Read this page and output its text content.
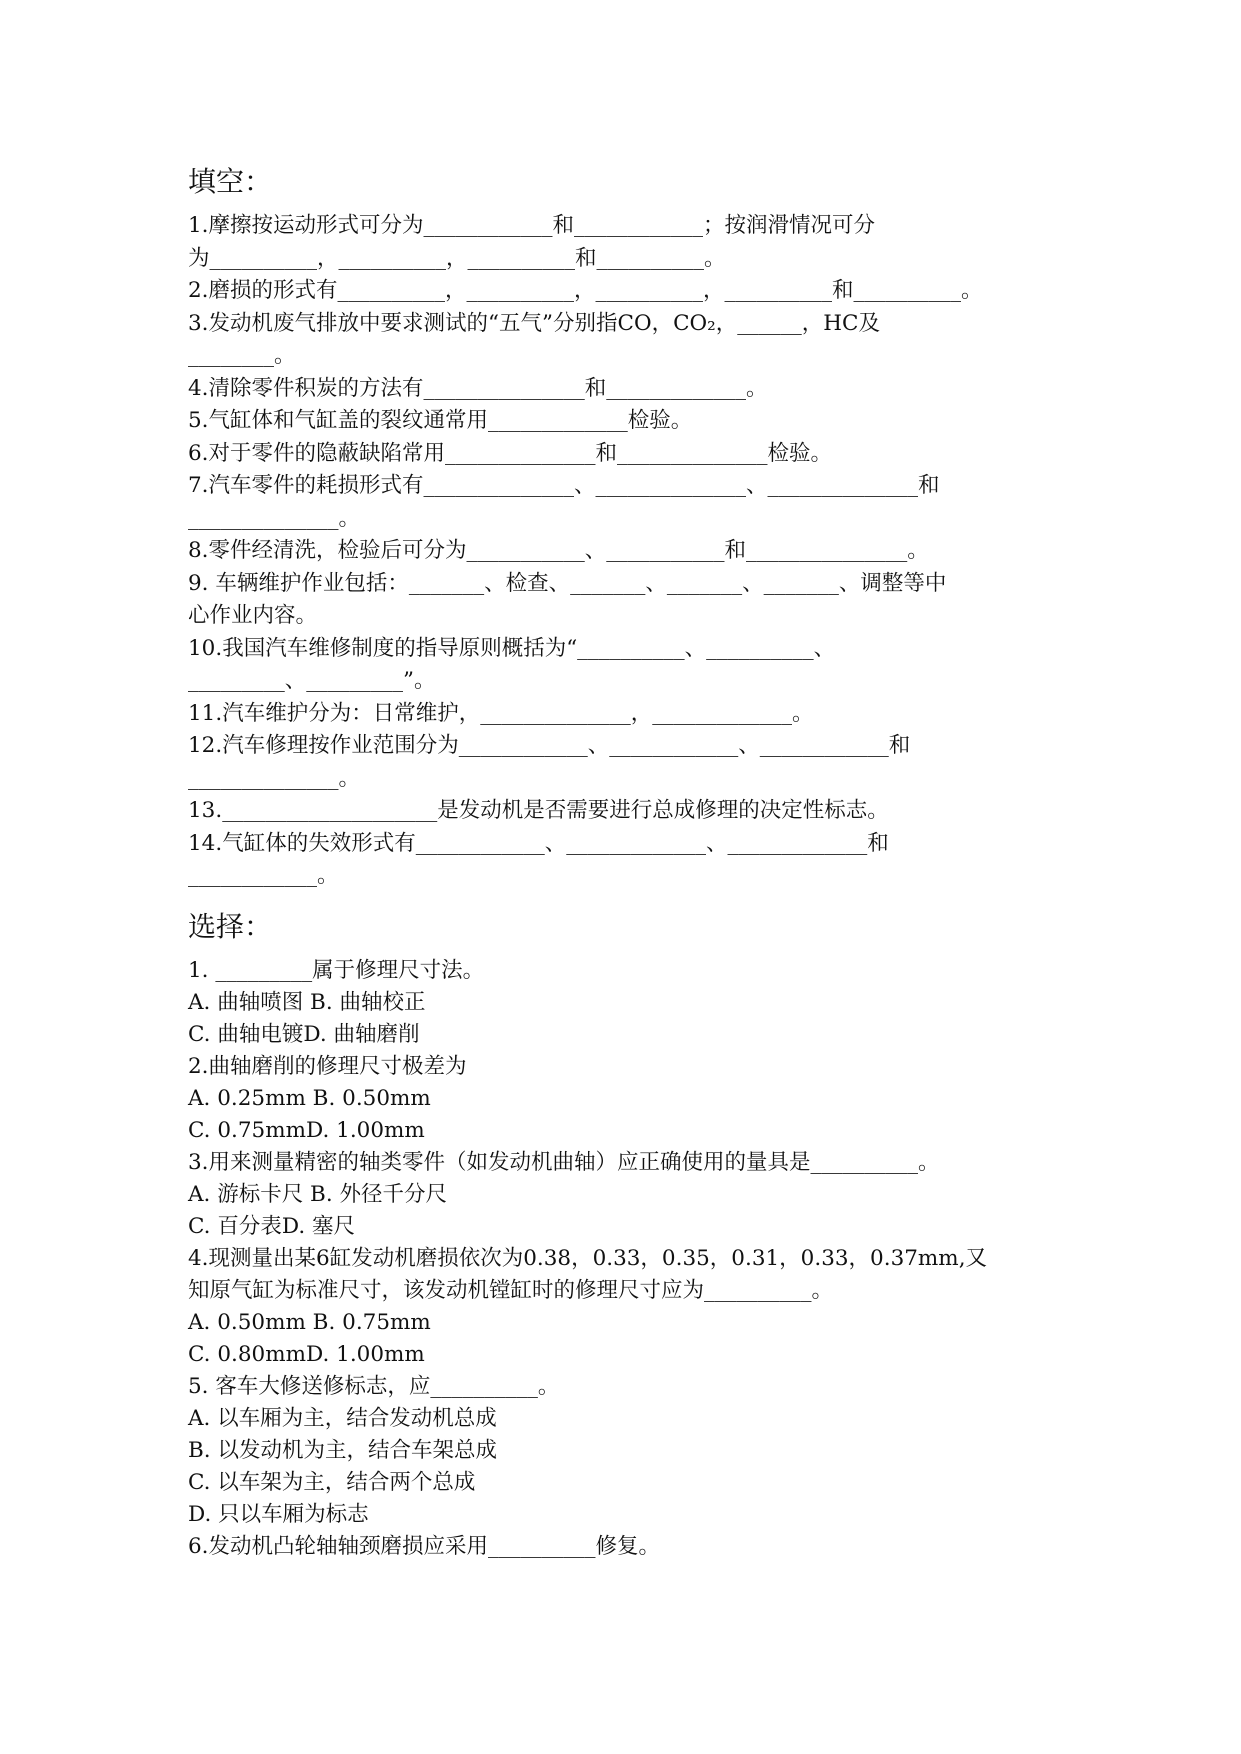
填空：
1.摩擦按运动形式可分为____________和____________；按润滑情况可分
为__________，__________，__________和__________。
2.磨损的形式有__________，__________，__________，__________和__________。
3.发动机废气排放中要求测试的“五气”分别指CO，CO₂，______，HC及
________。
4.清除零件积炭的方法有_______________和_____________。
5.气缸体和气缸盖的裂纹通常用_____________检验。
6.对于零件的隐蔽缺陷常用______________和______________检验。
7.汽车零件的耗损形式有______________、______________、______________和
______________。
8.零件经清洗，检验后可分为___________、___________和_______________。
9. 车辆维护作业包括：_______、检查、_______、_______、_______、调整等中
心作业内容。
10.我国汽车维修制度的指导原则概括为“__________、__________、
_________、_________”。
11.汽车维护分为：日常维护，______________，_____________。
12.汽车修理按作业范围分为____________、____________、____________和
______________。
13.____________________是发动机是否需要进行总成修理的决定性标志。
14.气缸体的失效形式有____________、_____________、_____________和
____________。
选择：
1. _________属于修理尺寸法。
A. 曲轴喷图 B. 曲轴校正
C. 曲轴电镀D. 曲轴磨削
2.曲轴磨削的修理尺寸极差为
A. 0.25mm B. 0.50mm
C. 0.75mmD. 1.00mm
3.用来测量精密的轴类零件（如发动机曲轴）应正确使用的量具是__________。
A. 游标卡尺 B. 外径千分尺
C. 百分表D. 塞尺
4.现测量出某6缸发动机磨损依次为0.38，0.33，0.35，0.31，0.33，0.37mm,又
知原气缸为标准尺寸，该发动机镗缸时的修理尺寸应为__________。
A. 0.50mm B. 0.75mm
C. 0.80mmD. 1.00mm
5. 客车大修送修标志，应__________。
A. 以车厢为主，结合发动机总成
B. 以发动机为主，结合车架总成
C. 以车架为主，结合两个总成
D. 只以车厢为标志
6.发动机凸轮轴轴颈磨损应采用__________修复。
